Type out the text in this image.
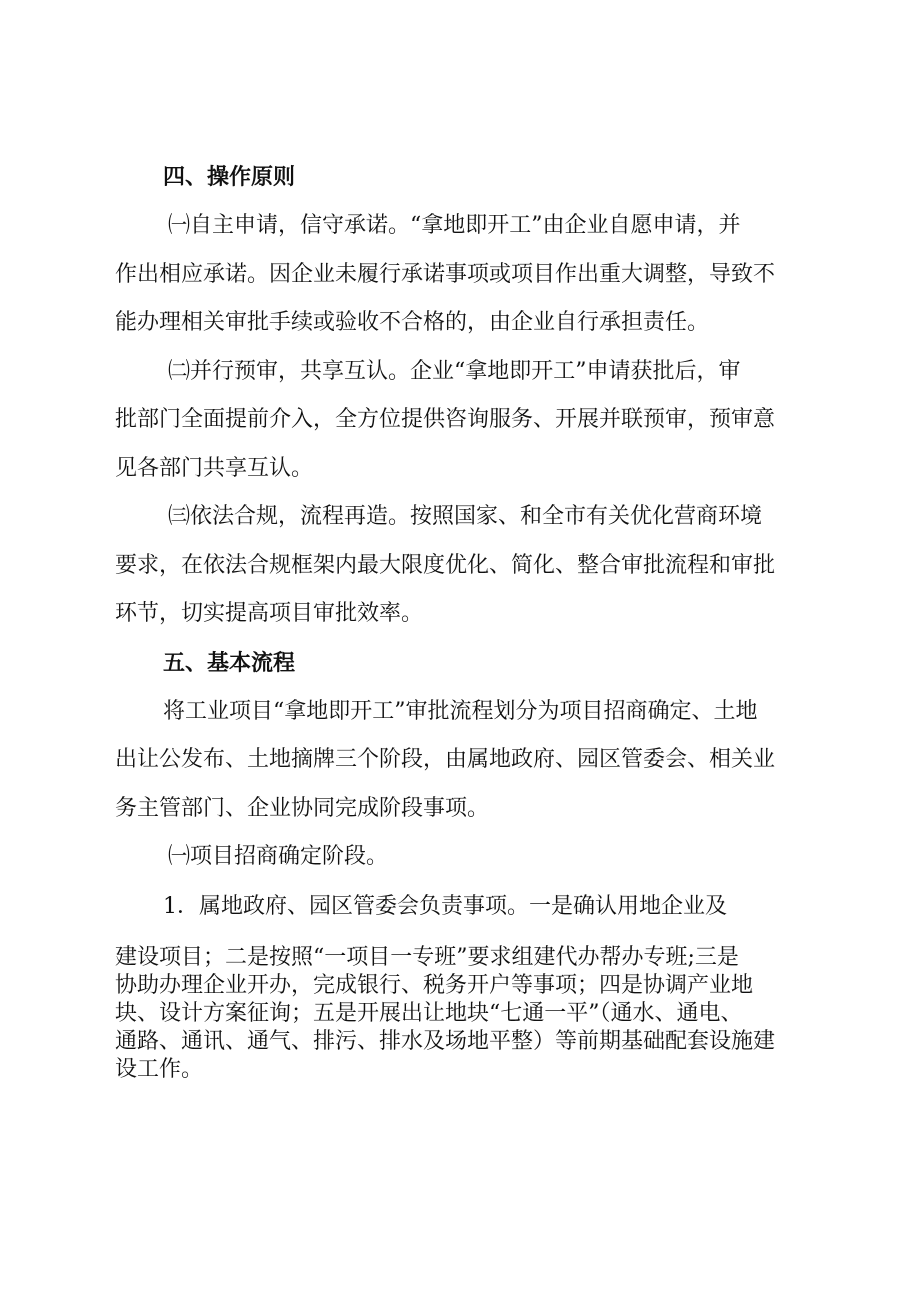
四、操作原则

㈠自主申请，信守承诺。“拿地即开工”由企业自愿申请，并

作出相应承诺。因企业未履行承诺事项或项目作出重大调整，导致不

能办理相关审批手续或验收不合格的，由企业自行承担责任。

㈡并行预审，共享互认。企业“拿地即开工”申请获批后，审

批部门全面提前介入，全方位提供咨询服务、开展并联预审，预审意

见各部门共享互认。

㈢依法合规，流程再造。按照国家、和全市有关优化营商环境

要求，在依法合规框架内最大限度优化、简化、整合审批流程和审批

环节，切实提高项目审批效率。

五、基本流程

将工业项目“拿地即开工”审批流程划分为项目招商确定、土地

出让公发布、土地摘牌三个阶段，由属地政府、园区管委会、相关业

务主管部门、企业协同完成阶段事项。

㈠项目招商确定阶段。

1．属地政府、园区管委会负责事项。一是确认用地企业及

建设项目；二是按照“一项目一专班”要求组建代办帮办专班;三是

协助办理企业开办，完成银行、税务开户等事项；四是协调产业地

块、设计方案征询；五是开展出让地块“七通一平”（通水、通电、

通路、通讯、通气、排污、排水及场地平整）等前期基础配套设施建

设工作。
